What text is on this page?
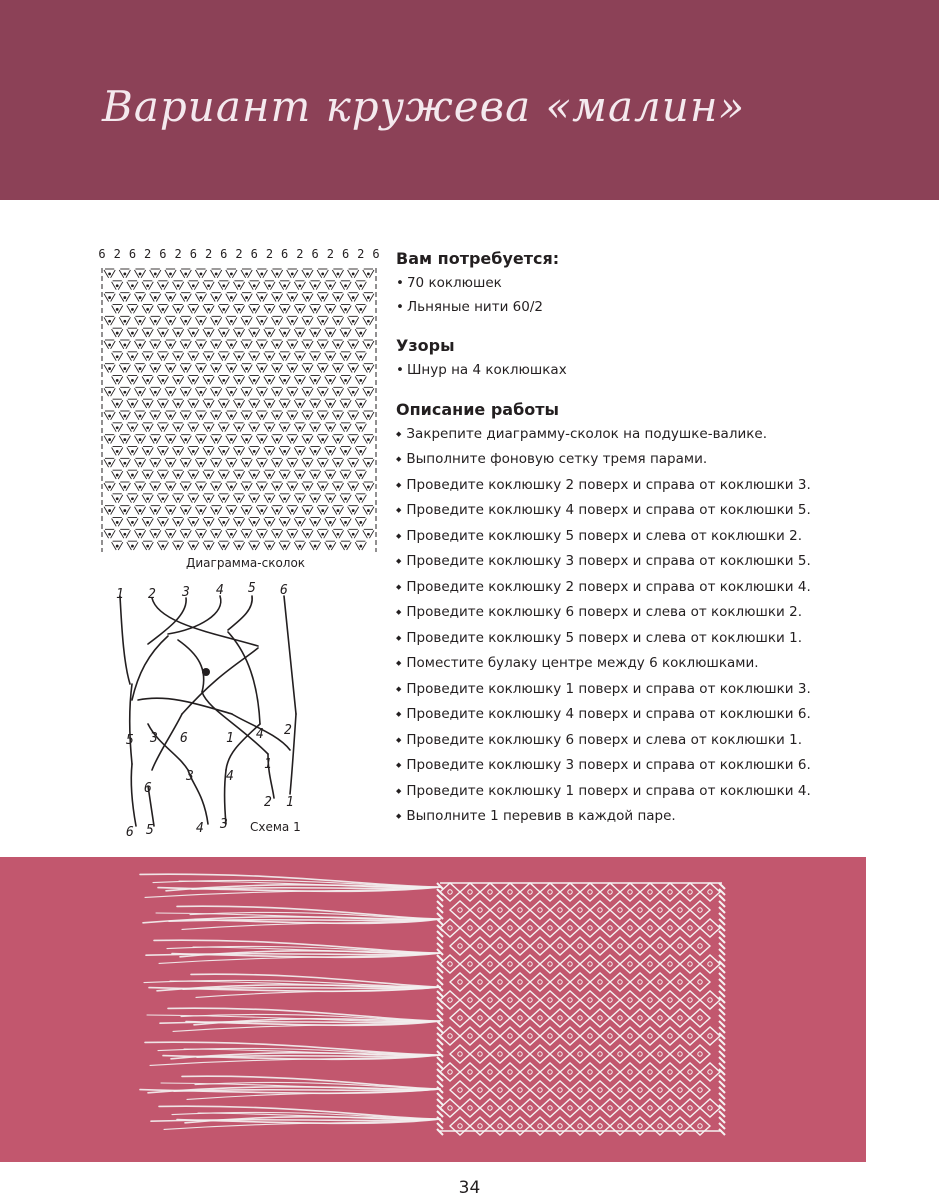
Вариант кружева «малин»
6 2 6 2 6 2 6 2 6 2 6 2 6 2 6 2 6 2 6
Диаграмма-сколок
1 2 3 4 5 6
5 3 6	1 4 2
3 4
1
6
2 1
6 5	4 3 Схема 1
Вам потребуется:
• 70 коклюшек
• Льняные нити 60/2
Узоры
• Шнур на 4 коклюшках
Описание работы
◆ Закрепите диаграмму-сколок на подушке-валике.
◆ Выполните фоновую сетку тремя парами.
◆ Проведите коклюшку 2 поверх и справа от коклюшки 3.
◆ Проведите коклюшку 4 поверх и справа от коклюшки 5.
◆ Проведите коклюшку 5 поверх и слева от коклюшки 2.
◆ Проведите коклюшку 3 поверх и справа от коклюшки 5.
◆ Проведите коклюшку 2 поверх и справа от коклюшки 4.
◆ Проведите коклюшку 6 поверх и слева от коклюшки 2.
◆ Проведите коклюшку 5 поверх и слева от коклюшки 1.
◆ Поместите булаку центре между 6 коклюшками.
◆ Проведите коклюшку 1 поверх и справа от коклюшки 3.
◆ Проведите коклюшку 4 поверх и справа от коклюшки 6.
◆ Проведите коклюшку 6 поверх и слева от коклюшки 1.
◆ Проведите коклюшку 3 поверх и справа от коклюшки 6.
◆ Проведите коклюшку 1 поверх и справа от коклюшки 4.
◆ Выполните 1 перевив в каждой паре.
34
